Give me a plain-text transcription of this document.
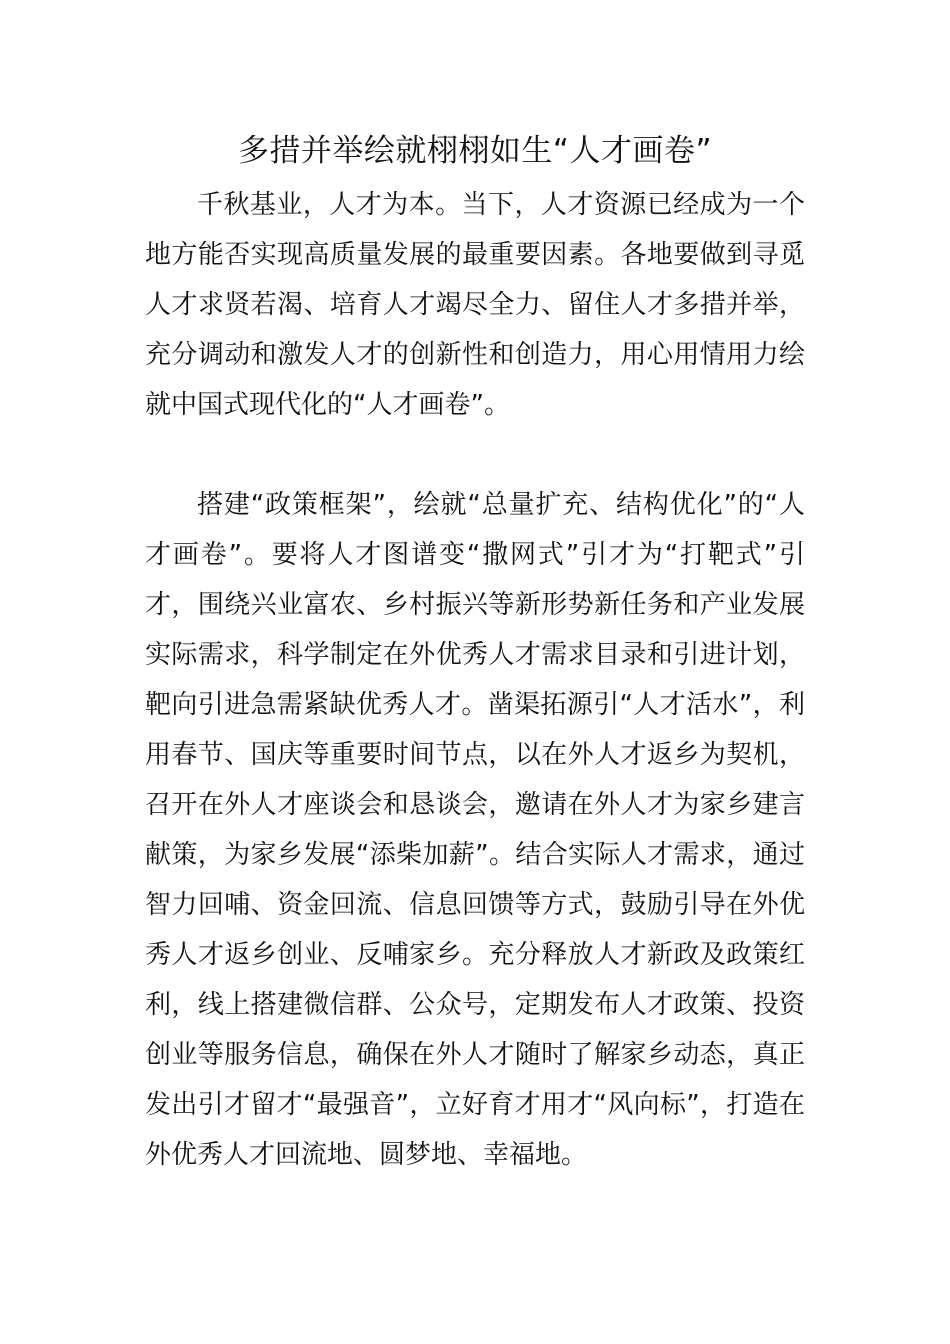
多措并举绘就栩栩如生“人才画卷”

千秋基业，人才为本。当下，人才资源已经成为一个地方能否实现高质量发展的最重要因素。各地要做到寻觅人才求贤若渴、培育人才竭尽全力、留住人才多措并举，充分调动和激发人才的创新性和创造力，用心用情用力绘就中国式现代化的“人才画卷”。

搭建“政策框架”，绘就“总量扩充、结构优化”的“人才画卷”。要将人才图谱变“撒网式”引才为“打靶式”引才，围绕兴业富农、乡村振兴等新形势新任务和产业发展实际需求，科学制定在外优秀人才需求目录和引进计划，靶向引进急需紧缺优秀人才。凿渠拓源引“人才活水”，利用春节、国庆等重要时间节点，以在外人才返乡为契机，召开在外人才座谈会和恳谈会，邀请在外人才为家乡建言献策，为家乡发展“添柴加薪”。结合实际人才需求，通过智力回哺、资金回流、信息回馈等方式，鼓励引导在外优秀人才返乡创业、反哺家乡。充分释放人才新政及政策红利，线上搭建微信群、公众号，定期发布人才政策、投资创业等服务信息，确保在外人才随时了解家乡动态，真正发出引才留才“最强音”，立好育才用才“风向标”，打造在外优秀人才回流地、圆梦地、幸福地。
